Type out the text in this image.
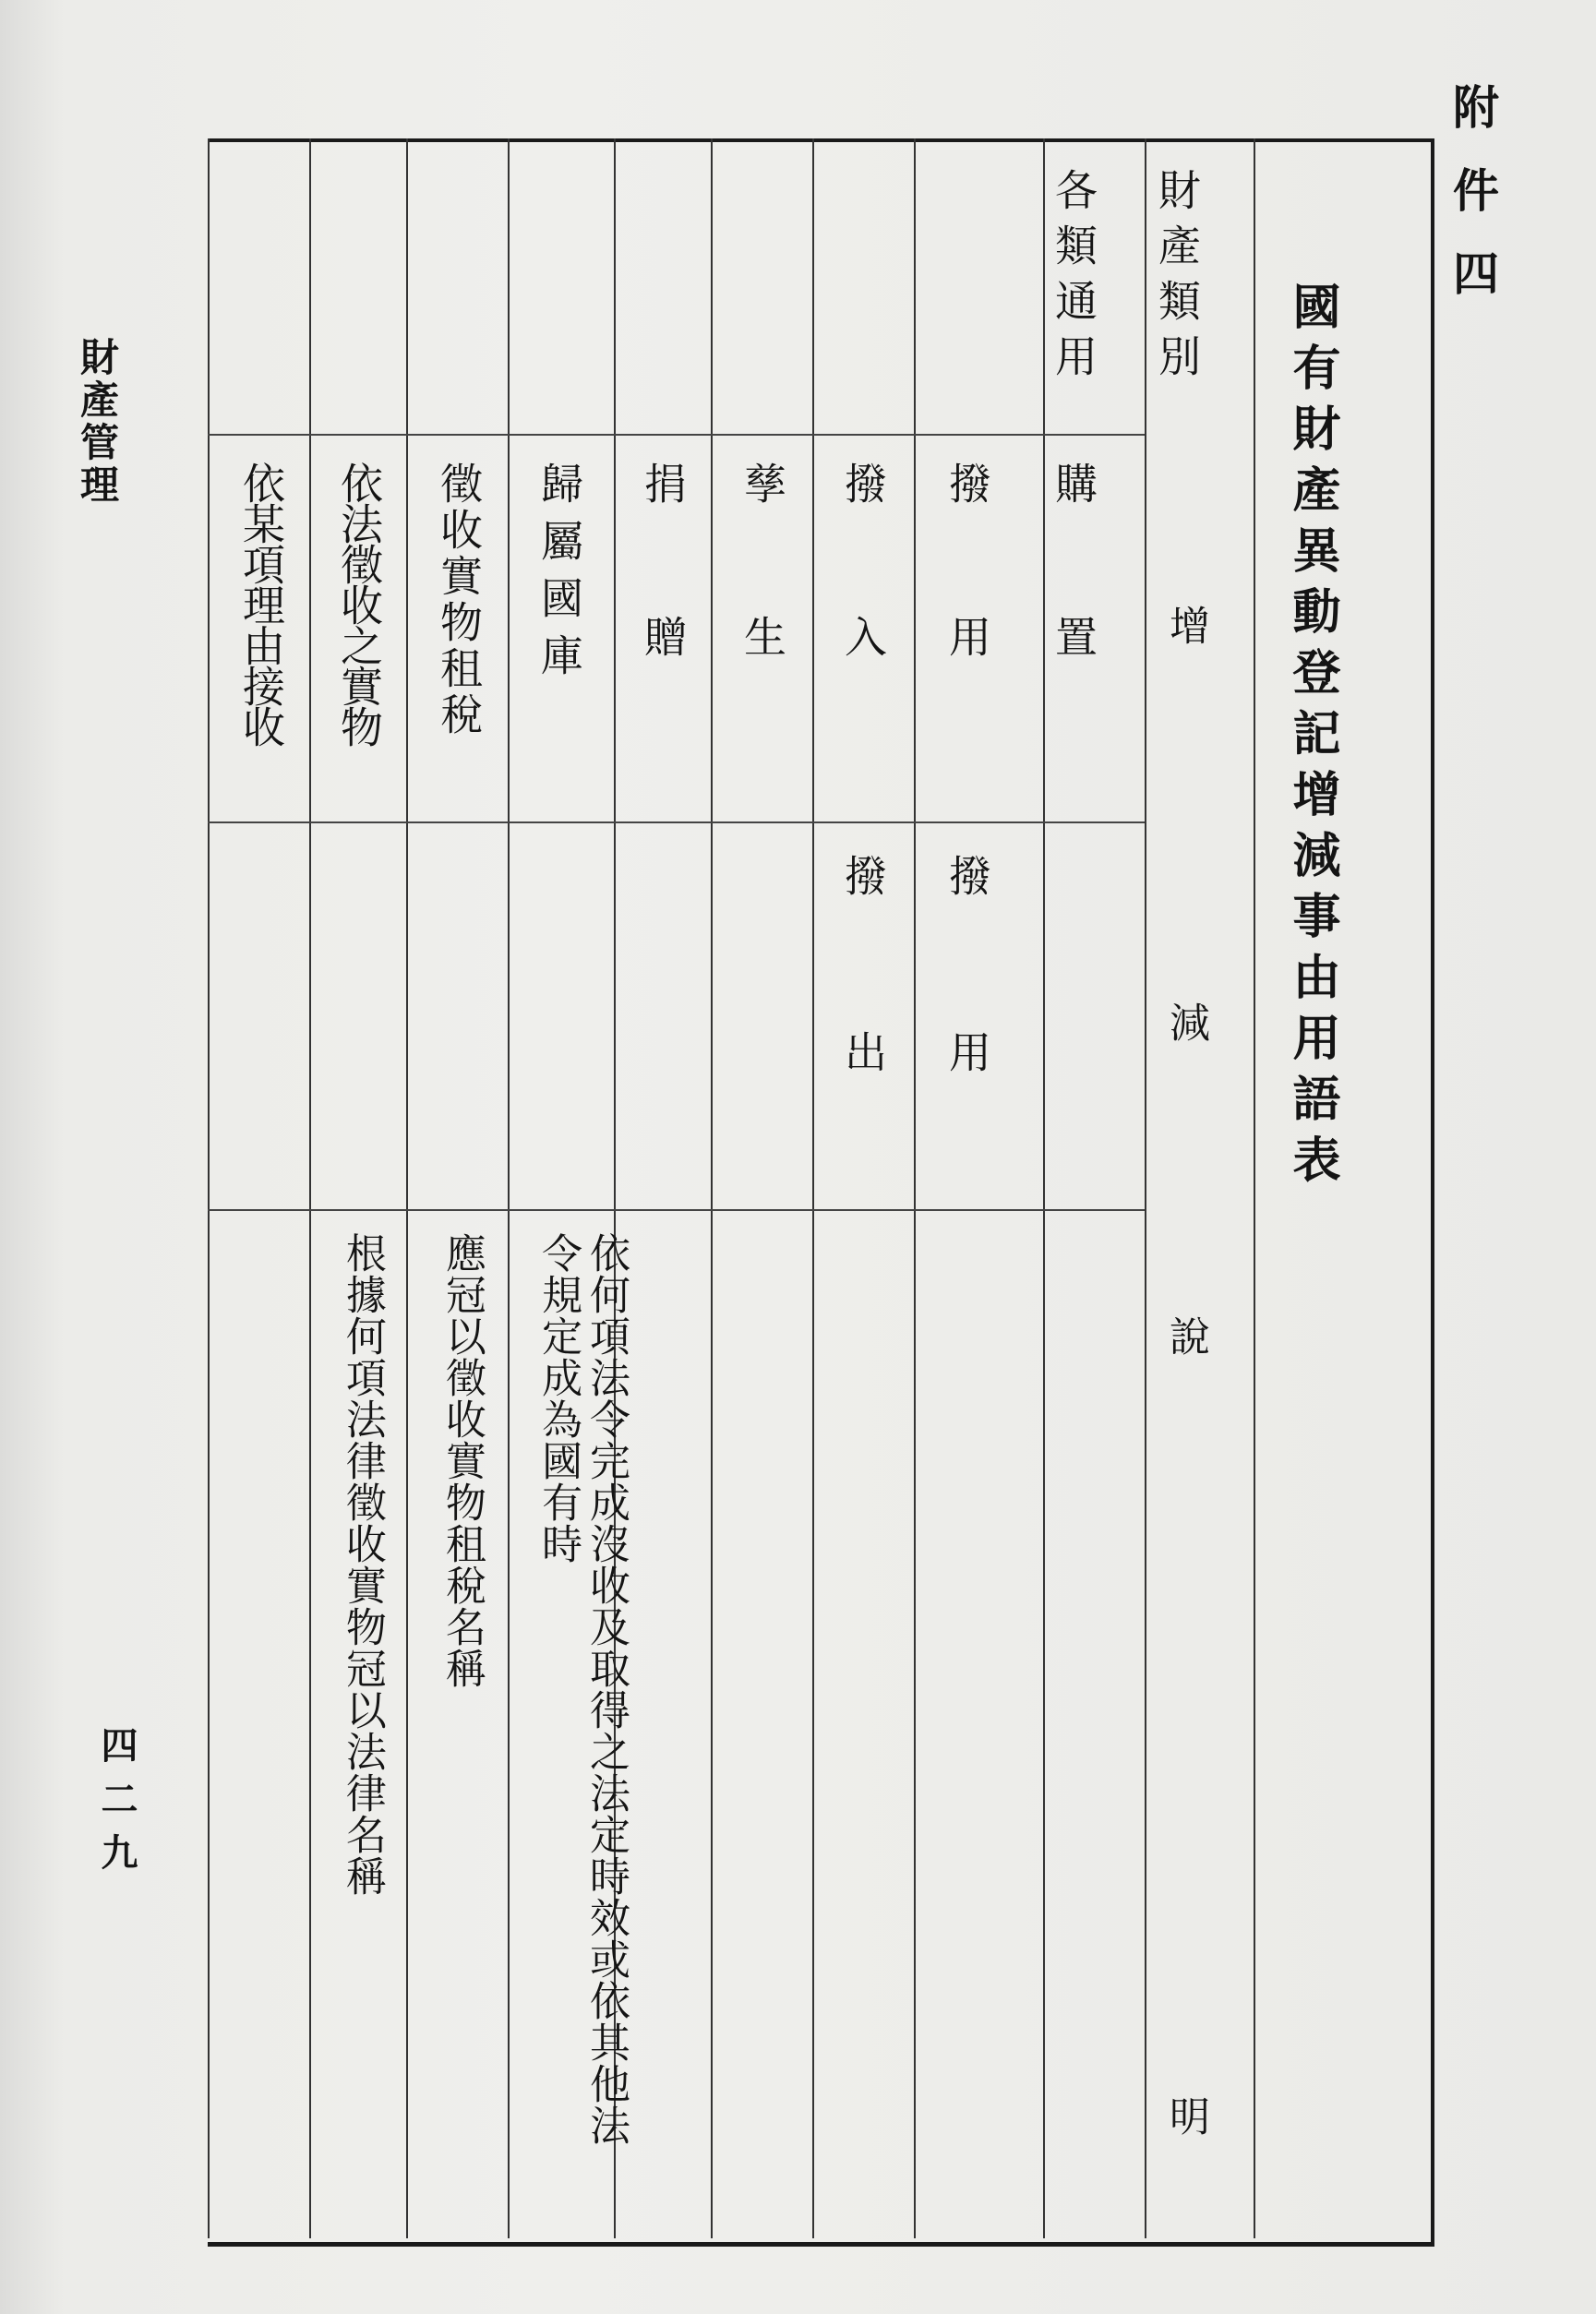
附件四
財產管理
四二九
國有財產異動登記增減事由用語表
財產類別
增
減
說
明
各類通用
購置
撥用
撥用
撥入
撥出
孳生
捐贈
歸屬國庫
依何項法令完成沒收及取得之法定時效或依其他法令規定成為國有時
徵收實物租稅
應冠以徵收實物租稅名稱
依法徵收之實物
根據何項法律徵收實物冠以法律名稱
依某項理由接收
